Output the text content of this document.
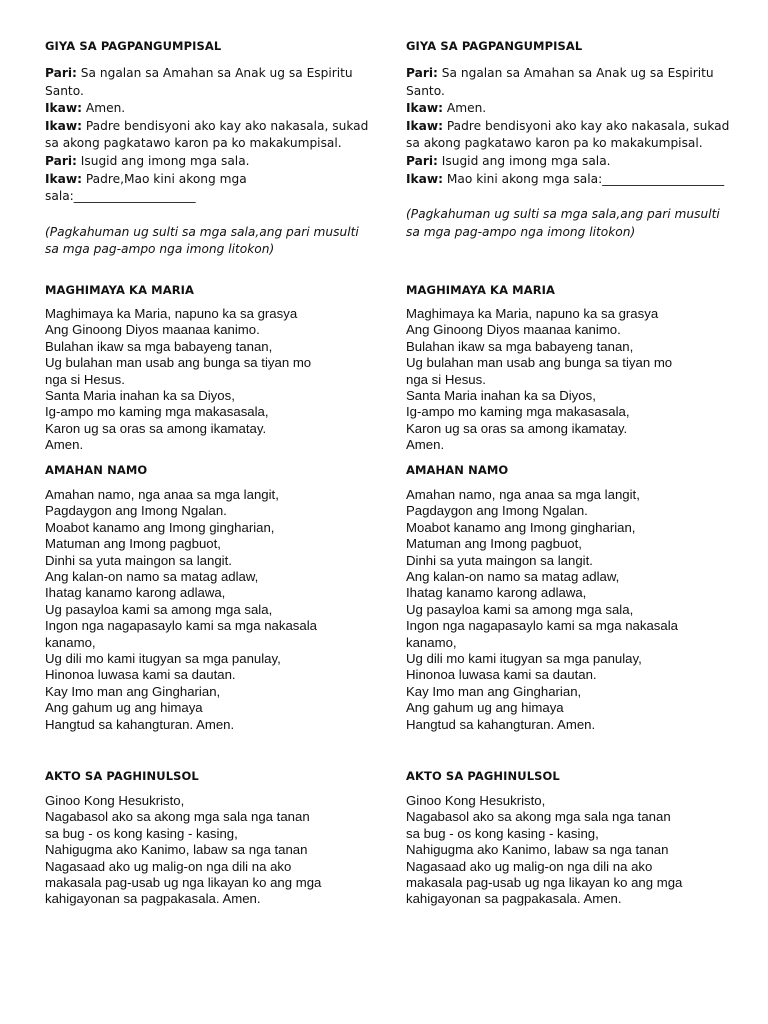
GIYA SA PAGPANGUMPISAL

Pari: Sa ngalan sa Amahan sa Anak ug sa Espiritu Santo.
Ikaw: Amen.
Ikaw: Padre bendisyoni ako kay ako nakasala, sukad sa akong pagkatawo karon pa ko makakumpisal.
Pari: Isugid ang imong mga sala.
Ikaw: Padre,Mao kini akong mga sala:____________________

(Pagkahuman ug sulti sa mga sala,ang pari musulti sa mga pag-ampo nga imong litokon)

MAGHIMAYA KA MARIA

Maghimaya ka Maria, napuno ka sa grasya
Ang Ginoong Diyos maanaa kanimo.
Bulahan ikaw sa mga babayeng tanan,
Ug bulahan man usab ang bunga sa tiyan mo
nga si Hesus.
Santa Maria inahan ka sa Diyos,
Ig-ampo mo kaming mga makasasala,
Karon ug sa oras sa among ikamatay.
Amen.

AMAHAN NAMO

Amahan namo, nga anaa sa mga langit,
Pagdaygon ang Imong Ngalan.
Moabot kanamo ang Imong gingharian,
Matuman ang Imong pagbuot,
Dinhi sa yuta maingon sa langit.
Ang kalan-on namo sa matag adlaw,
Ihatag kanamo karong adlawa,
Ug pasayloa kami sa among mga sala,
Ingon nga nagapasaylo kami sa mga nakasala
kanamo,
Ug dili mo kami itugyan sa mga panulay,
Hinonoa luwasa kami sa dautan.
Kay Imo man ang Gingharian,
Ang gahum ug ang himaya
Hangtud sa kahangturan. Amen.

AKTO SA PAGHINULSOL

Ginoo Kong Hesukristo,
Nagabasol ako sa akong mga sala nga tanan
sa bug - os kong kasing - kasing,
Nahigugma ako Kanimo, labaw sa nga tanan
Nagasaad ako ug malig-on nga dili na ako
makasala pag-usab ug nga likayan ko ang mga
kahigayonan sa pagpakasala. Amen.

GIYA SA PAGPANGUMPISAL

Pari: Sa ngalan sa Amahan sa Anak ug sa Espiritu Santo.
Ikaw: Amen.
Ikaw: Padre bendisyoni ako kay ako nakasala, sukad sa akong pagkatawo karon pa ko makakumpisal.
Pari: Isugid ang imong mga sala.
Ikaw: Mao kini akong mga sala:____________________

(Pagkahuman ug sulti sa mga sala,ang pari musulti sa mga pag-ampo nga imong litokon)

MAGHIMAYA KA MARIA

Maghimaya ka Maria, napuno ka sa grasya
Ang Ginoong Diyos maanaa kanimo.
Bulahan ikaw sa mga babayeng tanan,
Ug bulahan man usab ang bunga sa tiyan mo
nga si Hesus.
Santa Maria inahan ka sa Diyos,
Ig-ampo mo kaming mga makasasala,
Karon ug sa oras sa among ikamatay.
Amen.

AMAHAN NAMO

Amahan namo, nga anaa sa mga langit,
Pagdaygon ang Imong Ngalan.
Moabot kanamo ang Imong gingharian,
Matuman ang Imong pagbuot,
Dinhi sa yuta maingon sa langit.
Ang kalan-on namo sa matag adlaw,
Ihatag kanamo karong adlawa,
Ug pasayloa kami sa among mga sala,
Ingon nga nagapasaylo kami sa mga nakasala
kanamo,
Ug dili mo kami itugyan sa mga panulay,
Hinonoa luwasa kami sa dautan.
Kay Imo man ang Gingharian,
Ang gahum ug ang himaya
Hangtud sa kahangturan. Amen.

AKTO SA PAGHINULSOL

Ginoo Kong Hesukristo,
Nagabasol ako sa akong mga sala nga tanan
sa bug - os kong kasing - kasing,
Nahigugma ako Kanimo, labaw sa nga tanan
Nagasaad ako ug malig-on nga dili na ako
makasala pag-usab ug nga likayan ko ang mga
kahigayonan sa pagpakasala. Amen.
